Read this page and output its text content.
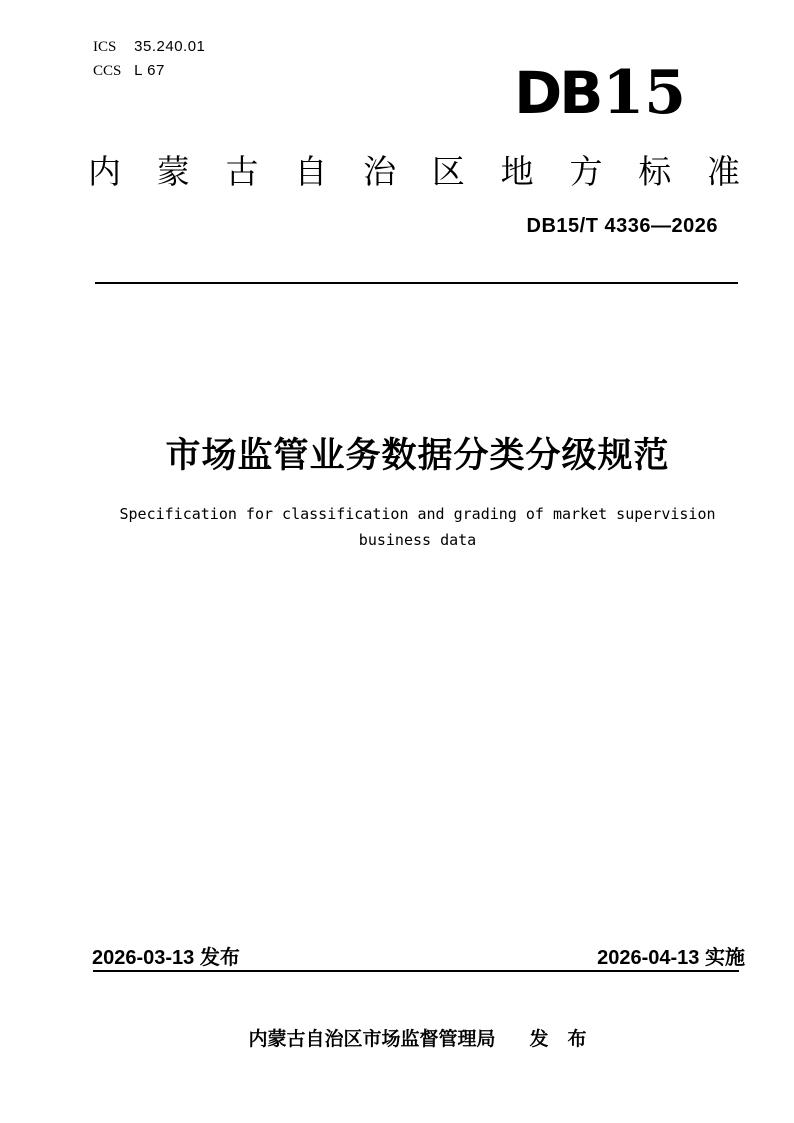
ICS 35.240.01
CCS L 67	DB15
内蒙古自治区地方标准
DB15/T 4336—2026
市场监管业务数据分类分级规范
Specification for classification and grading of market supervision
business data
2026-03-13 发布	2026-04-13 实施
内蒙古自治区市场监督管理局 发　布
